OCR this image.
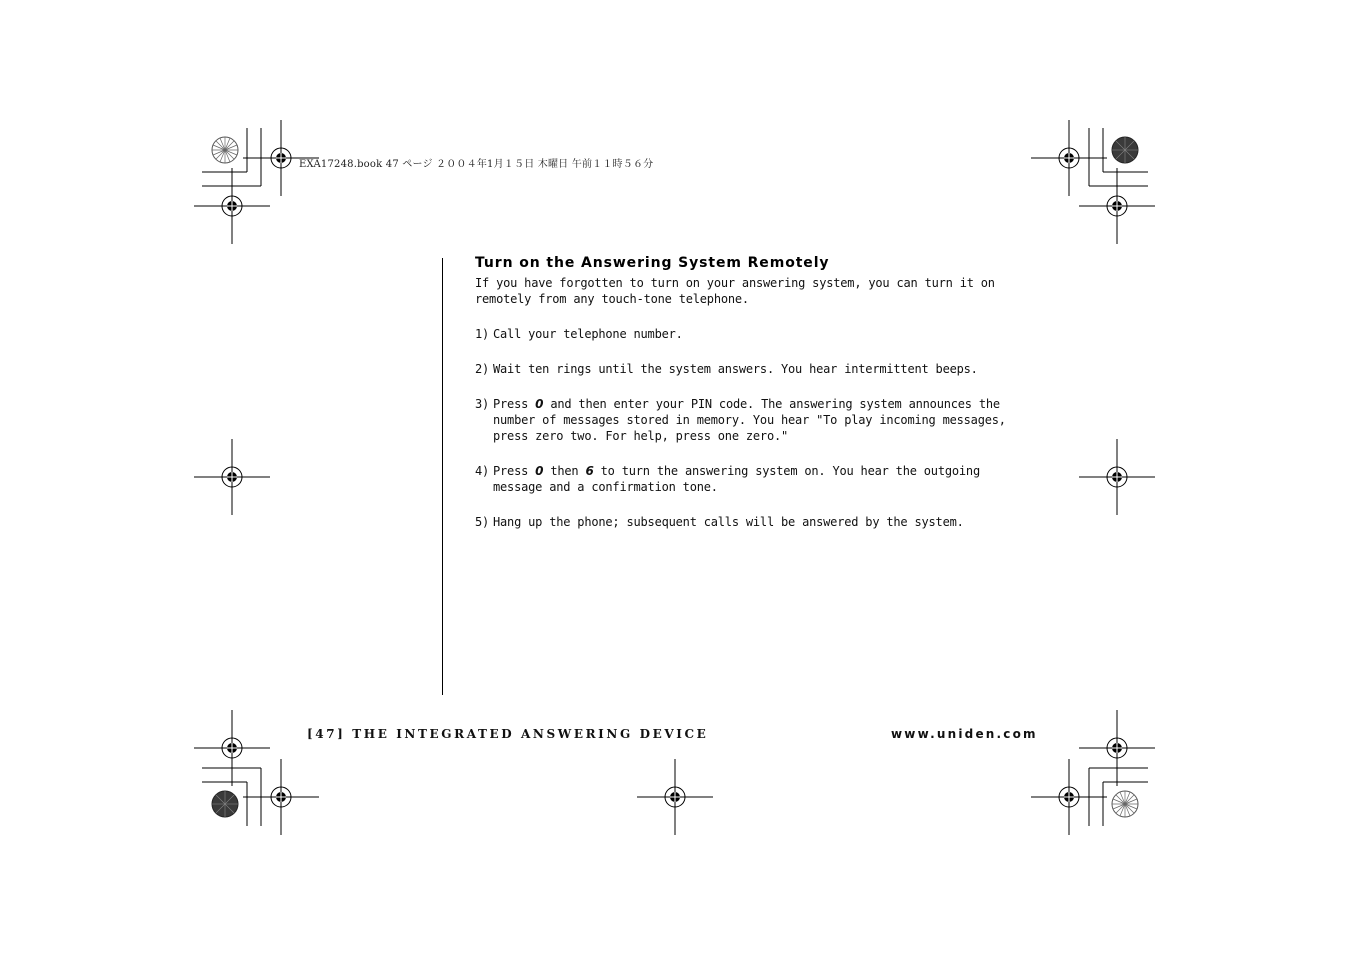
EXA17248.book 47 ページ ２００４年1月１５日 木曜日 午前１１時５６分
Turn on the Answering System Remotely

If you have forgotten to turn on your answering system, you can turn it on remotely from any touch-tone telephone.

1) Call your telephone number.
2) Wait ten rings until the system answers. You hear intermittent beeps.
3) Press 0 and then enter your PIN code. The answering system announces the number of messages stored in memory. You hear "To play incoming messages, press zero two. For help, press one zero."
4) Press 0 then 6 to turn the answering system on. You hear the outgoing message and a confirmation tone.
5) Hang up the phone; subsequent calls will be answered by the system.
[47] THE INTEGRATED ANSWERING DEVICE	www.uniden.com
